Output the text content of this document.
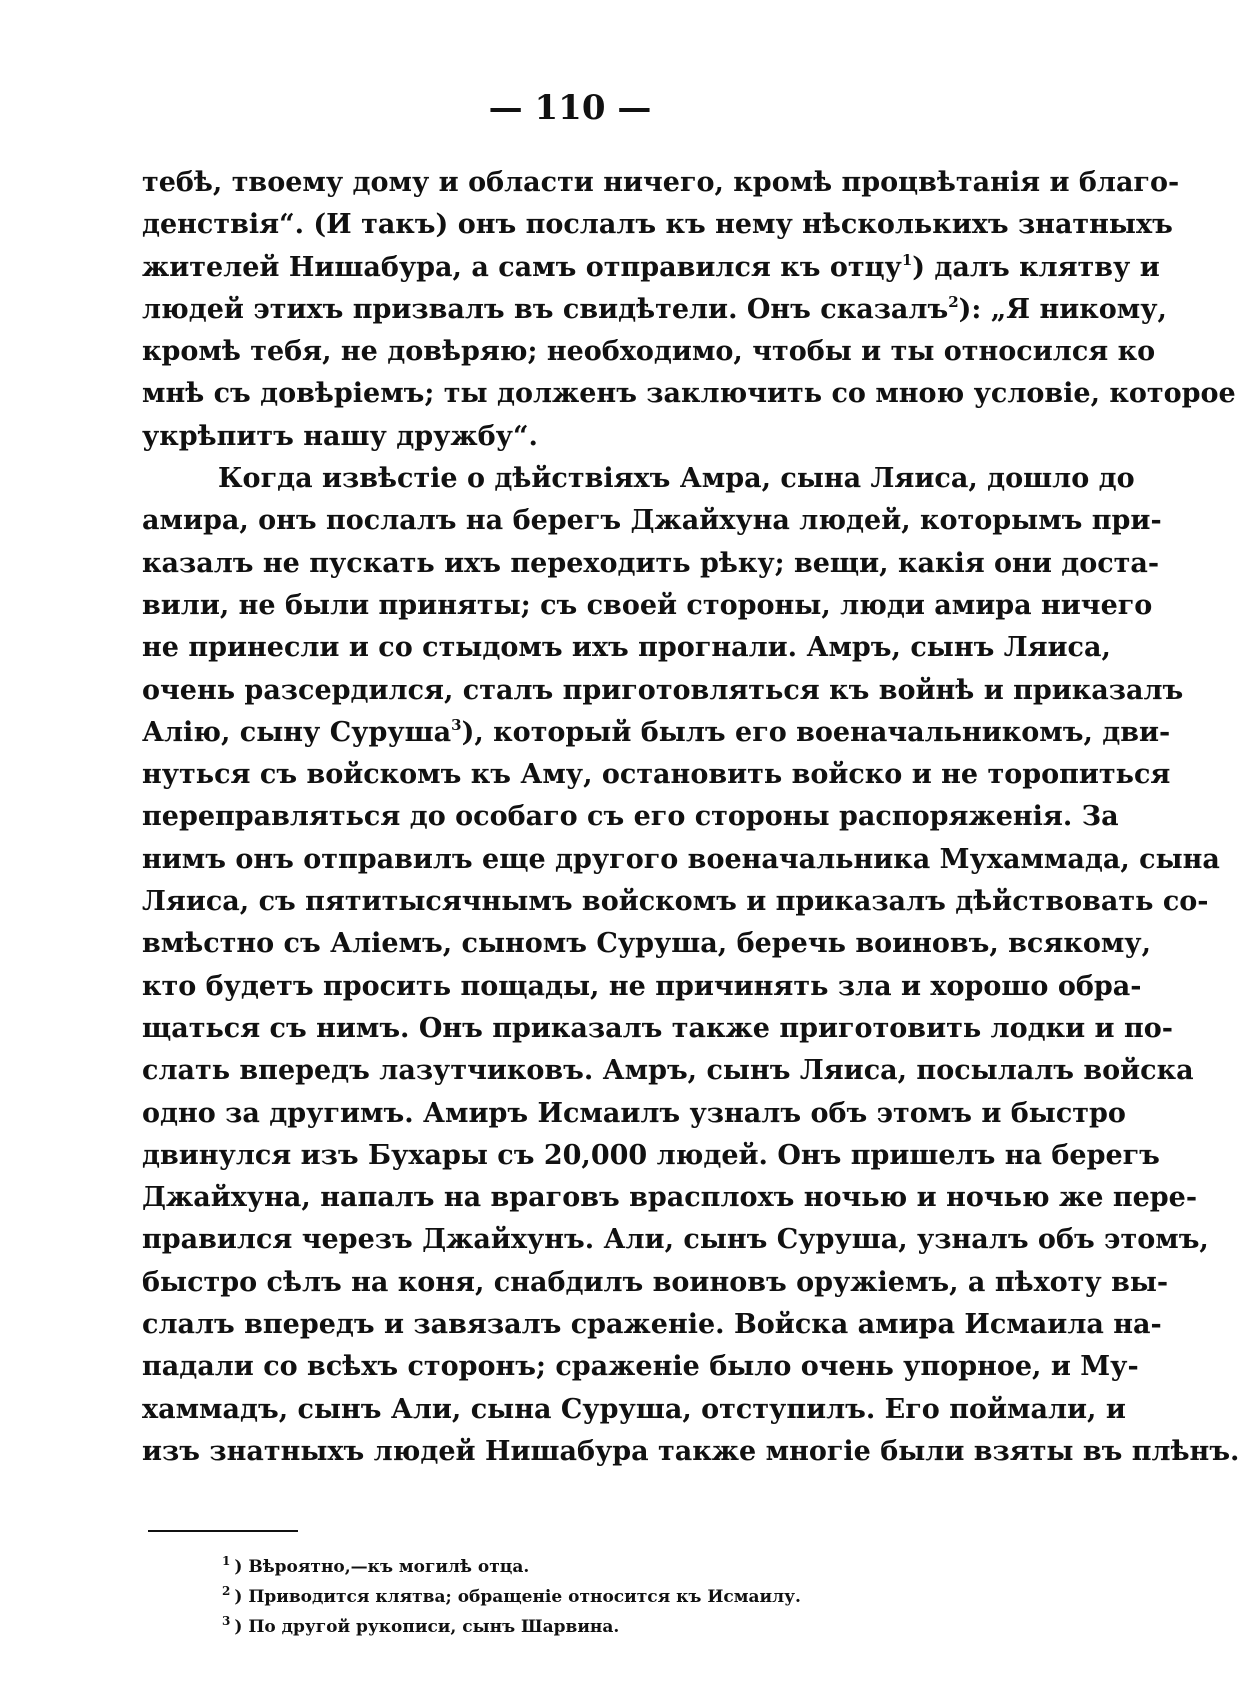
— 110 —
тебѣ, твоему дому и области ничего, кромѣ процвѣтанія и благо-
денствія“. (И такъ) онъ послалъ къ нему нѣсколькихъ знатныхъ
жителей Нишабура, а самъ отправился къ отцу$^1$) далъ клятву и
людей этихъ призвалъ въ свидѣтели. Онъ сказалъ$^2$): „Я никому,
кромѣ тебя, не довѣряю; необходимо, чтобы и ты относился ко
мнѣ съ довѣріемъ; ты долженъ заключить со мною условіе, которое
укрѣпитъ нашу дружбу“.
Когда извѣстіе о дѣйствіяхъ Амра, сына Ляиса, дошло до
амира, онъ послалъ на берегъ Джайхуна людей, которымъ при-
казалъ не пускать ихъ переходить рѣку; вещи, какія они доста-
вили, не были приняты; съ своей стороны, люди амира ничего
не принесли и со стыдомъ ихъ прогнали. Амръ, сынъ Ляиса,
очень разсердился, сталъ приготовляться къ войнѣ и приказалъ
Алію, сыну Суруша$^3$), который былъ его военачальникомъ, дви-
нуться съ войскомъ къ Аму, остановить войско и не торопиться
переправляться до особаго съ его стороны распоряженія. За
нимъ онъ отправилъ еще другого военачальника Мухаммада, сына
Ляиса, съ пятитысячнымъ войскомъ и приказалъ дѣйствовать со-
вмѣстно съ Аліемъ, сыномъ Суруша, беречь воиновъ, всякому,
кто будетъ просить пощады, не причинять зла и хорошо обра-
щаться съ нимъ. Онъ приказалъ также приготовить лодки и по-
слать впередъ лазутчиковъ. Амръ, сынъ Ляиса, посылалъ войска
одно за другимъ. Амиръ Исмаилъ узналъ объ этомъ и быстро
двинулся изъ Бухары съ 20,000 людей. Онъ пришелъ на берегъ
Джайхуна, напалъ на враговъ врасплохъ ночью и ночью же пере-
правился черезъ Джайхунъ. Али, сынъ Суруша, узналъ объ этомъ,
быстро сѣлъ на коня, снабдилъ воиновъ оружіемъ, а пѣхоту вы-
слалъ впередъ и завязалъ сраженіе. Войска амира Исмаила на-
падали со всѣхъ сторонъ; сраженіе было очень упорное, и Му-
хаммадъ, сынъ Али, сына Суруша, отступилъ. Его поймали, и
изъ знатныхъ людей Нишабура также многіе были взяты въ плѣнъ.
$^1$ ) Вѣроятно,—къ могилѣ отца.
$^2$ ) Приводится клятва; обращеніе относится къ Исмаилу.
$^3$ ) По другой рукописи, сынъ Шарвина.
